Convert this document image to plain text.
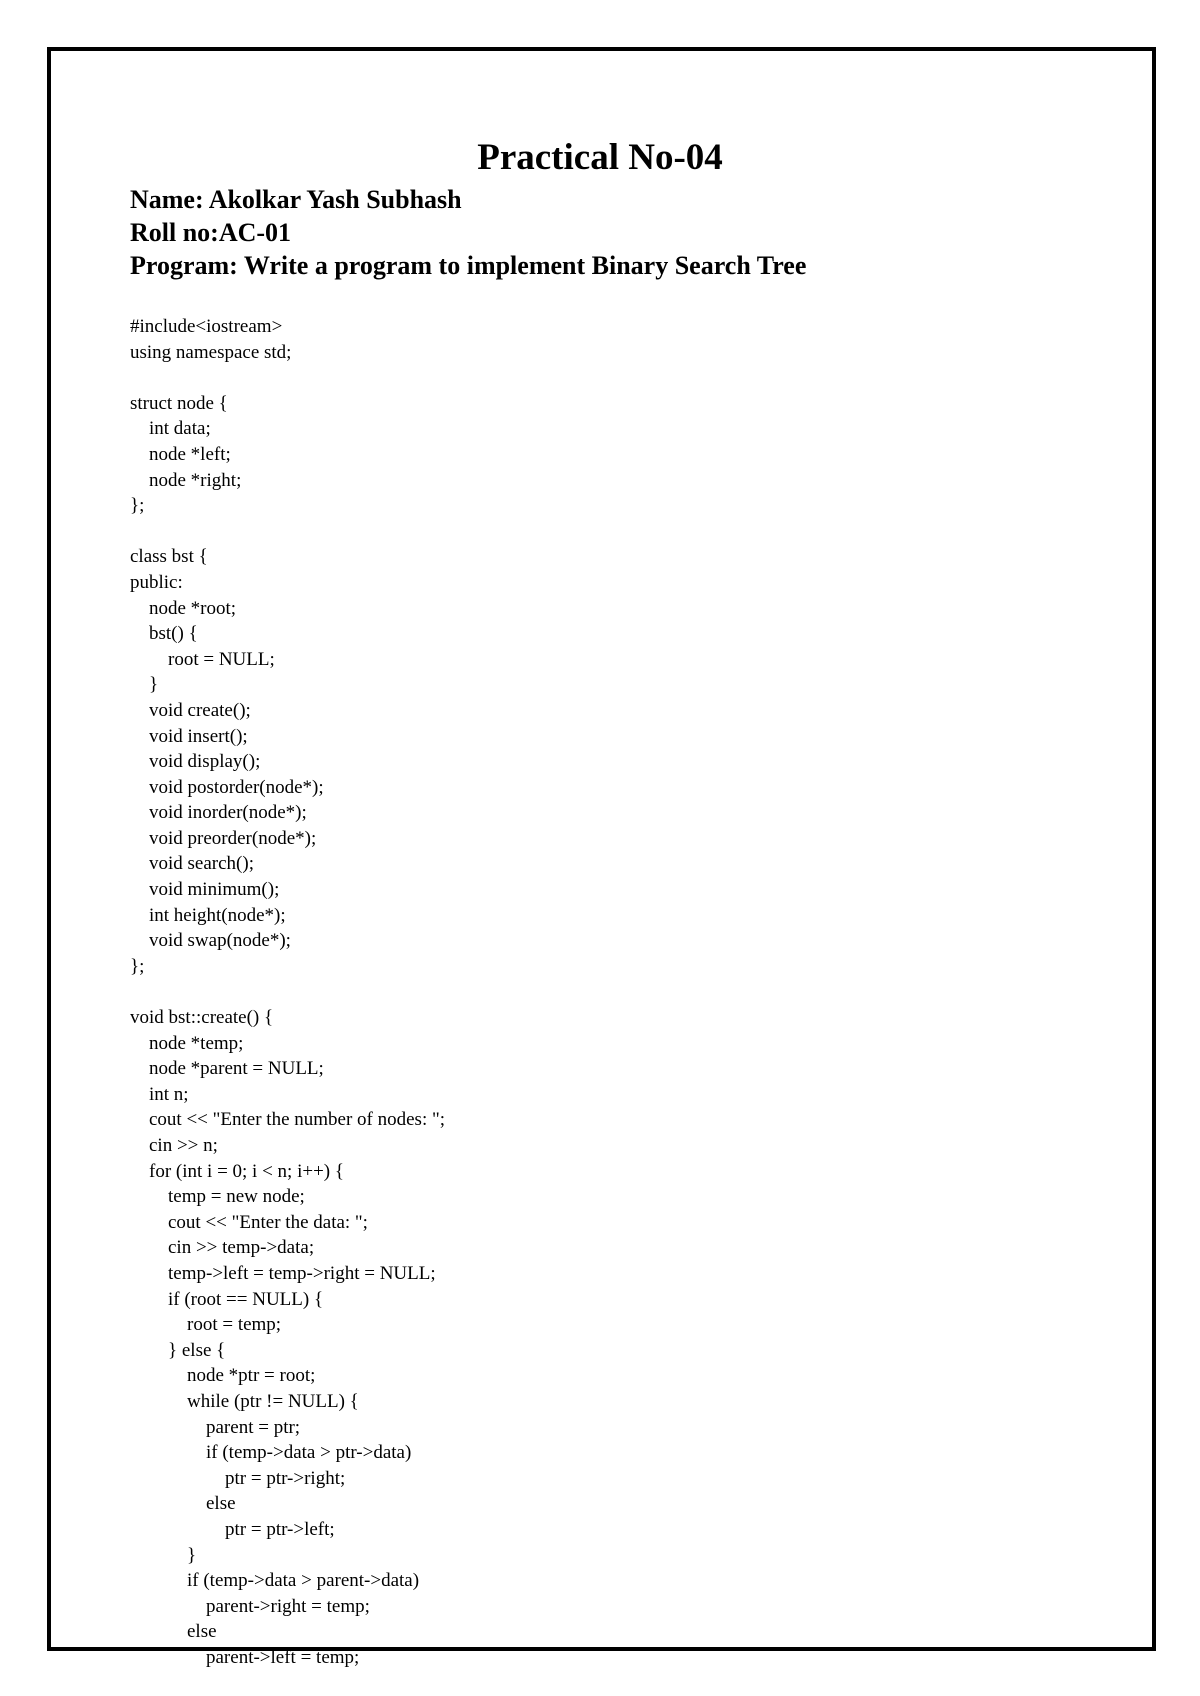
Practical No-04

Name: Akolkar Yash Subhash

Roll no:AC-01

Program: Write a program to implement Binary Search Tree

#include<iostream>
using namespace std;
struct node {
int data;
node *left;
node *right;
};
class bst {
public:
node *root;
bst() {
root = NULL;
}
void create();
void insert();
void display();
void postorder(node*);
void inorder(node*);
void preorder(node*);
void search();
void minimum();
int height(node*);
void swap(node*);
};
void bst::create() {
node *temp;
node *parent = NULL;
int n;
cout << "Enter the number of nodes: ";
cin >> n;
for (int i = 0; i < n; i++) {
temp = new node;
cout << "Enter the data: ";
cin >> temp->data;
temp->left = temp->right = NULL;
if (root == NULL) {
root = temp;
} else {
node *ptr = root;
while (ptr != NULL) {
parent = ptr;
if (temp->data > ptr->data)
ptr = ptr->right;
else
ptr = ptr->left;
}
if (temp->data > parent->data)
parent->right = temp;
else
parent->left = temp;
